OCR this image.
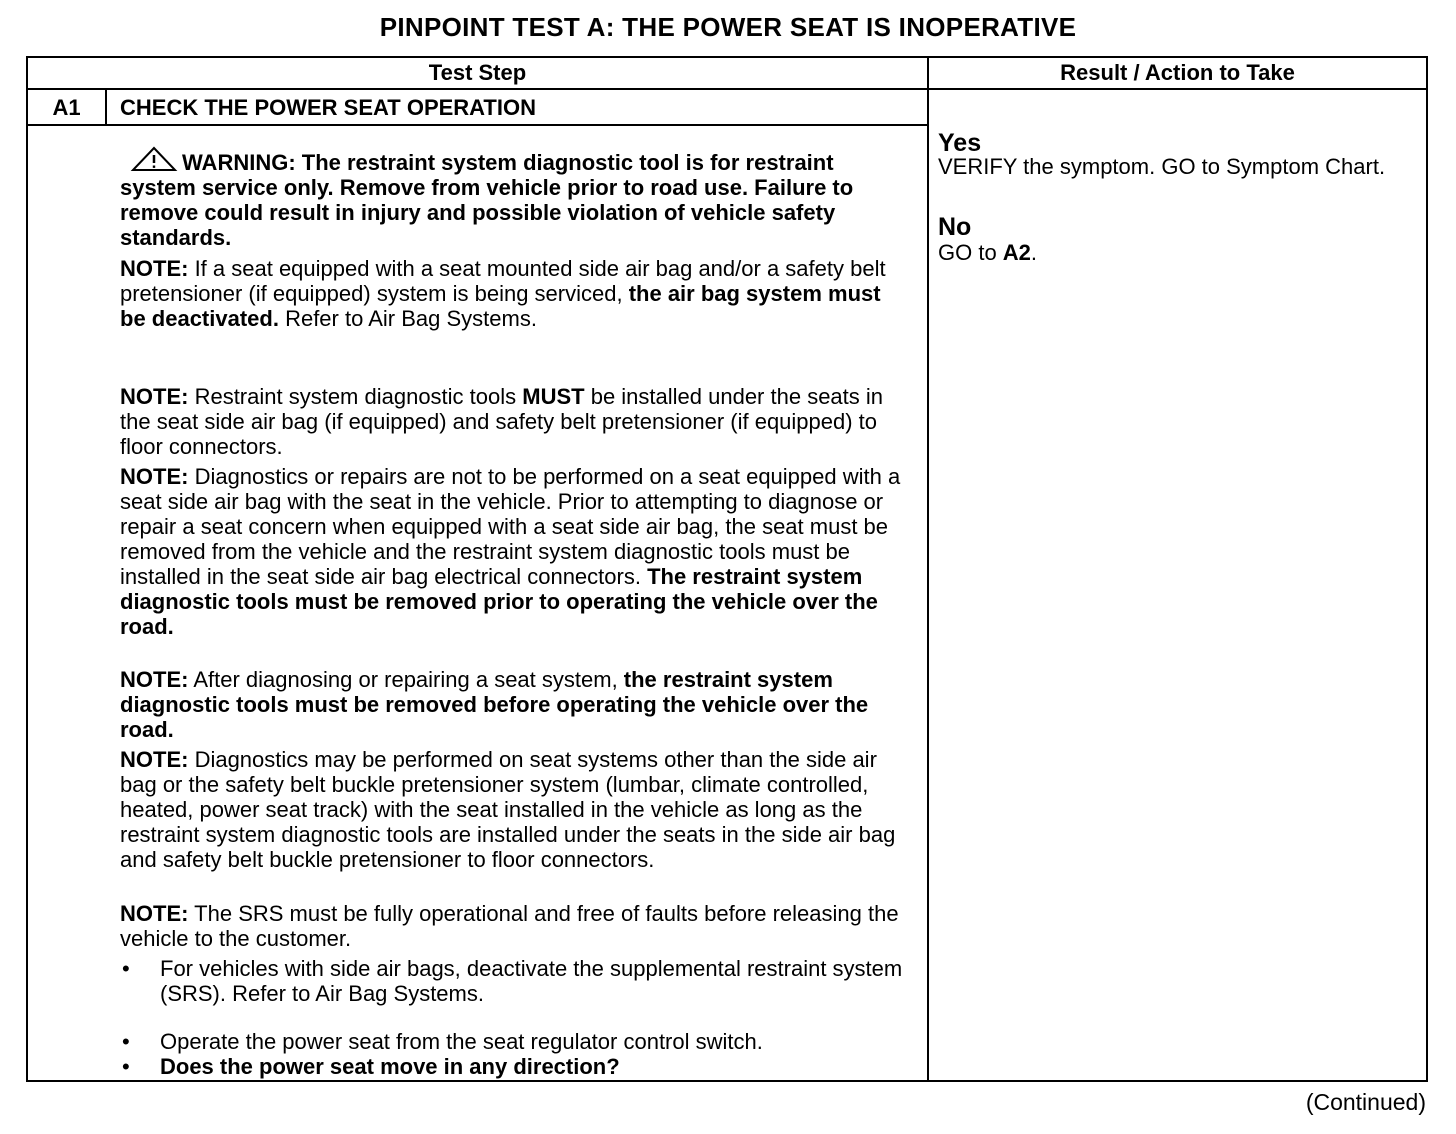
PINPOINT TEST A: THE POWER SEAT IS INOPERATIVE
Test Step	Result / Action to Take
A1	CHECK THE POWER SEAT OPERATION
WARNING: The restraint system diagnostic tool is for restraint system service only. Remove from vehicle prior to road use. Failure to remove could result in injury and possible violation of vehicle safety standards.
NOTE: If a seat equipped with a seat mounted side air bag and/or a safety belt pretensioner (if equipped) system is being serviced, the air bag system must be deactivated. Refer to Air Bag Systems.
NOTE: Restraint system diagnostic tools MUST be installed under the seats in the seat side air bag (if equipped) and safety belt pretensioner (if equipped) to floor connectors.
NOTE: Diagnostics or repairs are not to be performed on a seat equipped with a seat side air bag with the seat in the vehicle. Prior to attempting to diagnose or repair a seat concern when equipped with a seat side air bag, the seat must be removed from the vehicle and the restraint system diagnostic tools must be installed in the seat side air bag electrical connectors. The restraint system diagnostic tools must be removed prior to operating the vehicle over the road.
NOTE: After diagnosing or repairing a seat system, the restraint system diagnostic tools must be removed before operating the vehicle over the road.
NOTE: Diagnostics may be performed on seat systems other than the side air bag or the safety belt buckle pretensioner system (lumbar, climate controlled, heated, power seat track) with the seat installed in the vehicle as long as the restraint system diagnostic tools are installed under the seats in the side air bag and safety belt buckle pretensioner to floor connectors.
NOTE: The SRS must be fully operational and free of faults before releasing the vehicle to the customer.
• For vehicles with side air bags, deactivate the supplemental restraint system (SRS). Refer to Air Bag Systems.
• Operate the power seat from the seat regulator control switch.
• Does the power seat move in any direction?
Yes
VERIFY the symptom. GO to Symptom Chart.
No
GO to A2.
(Continued)
